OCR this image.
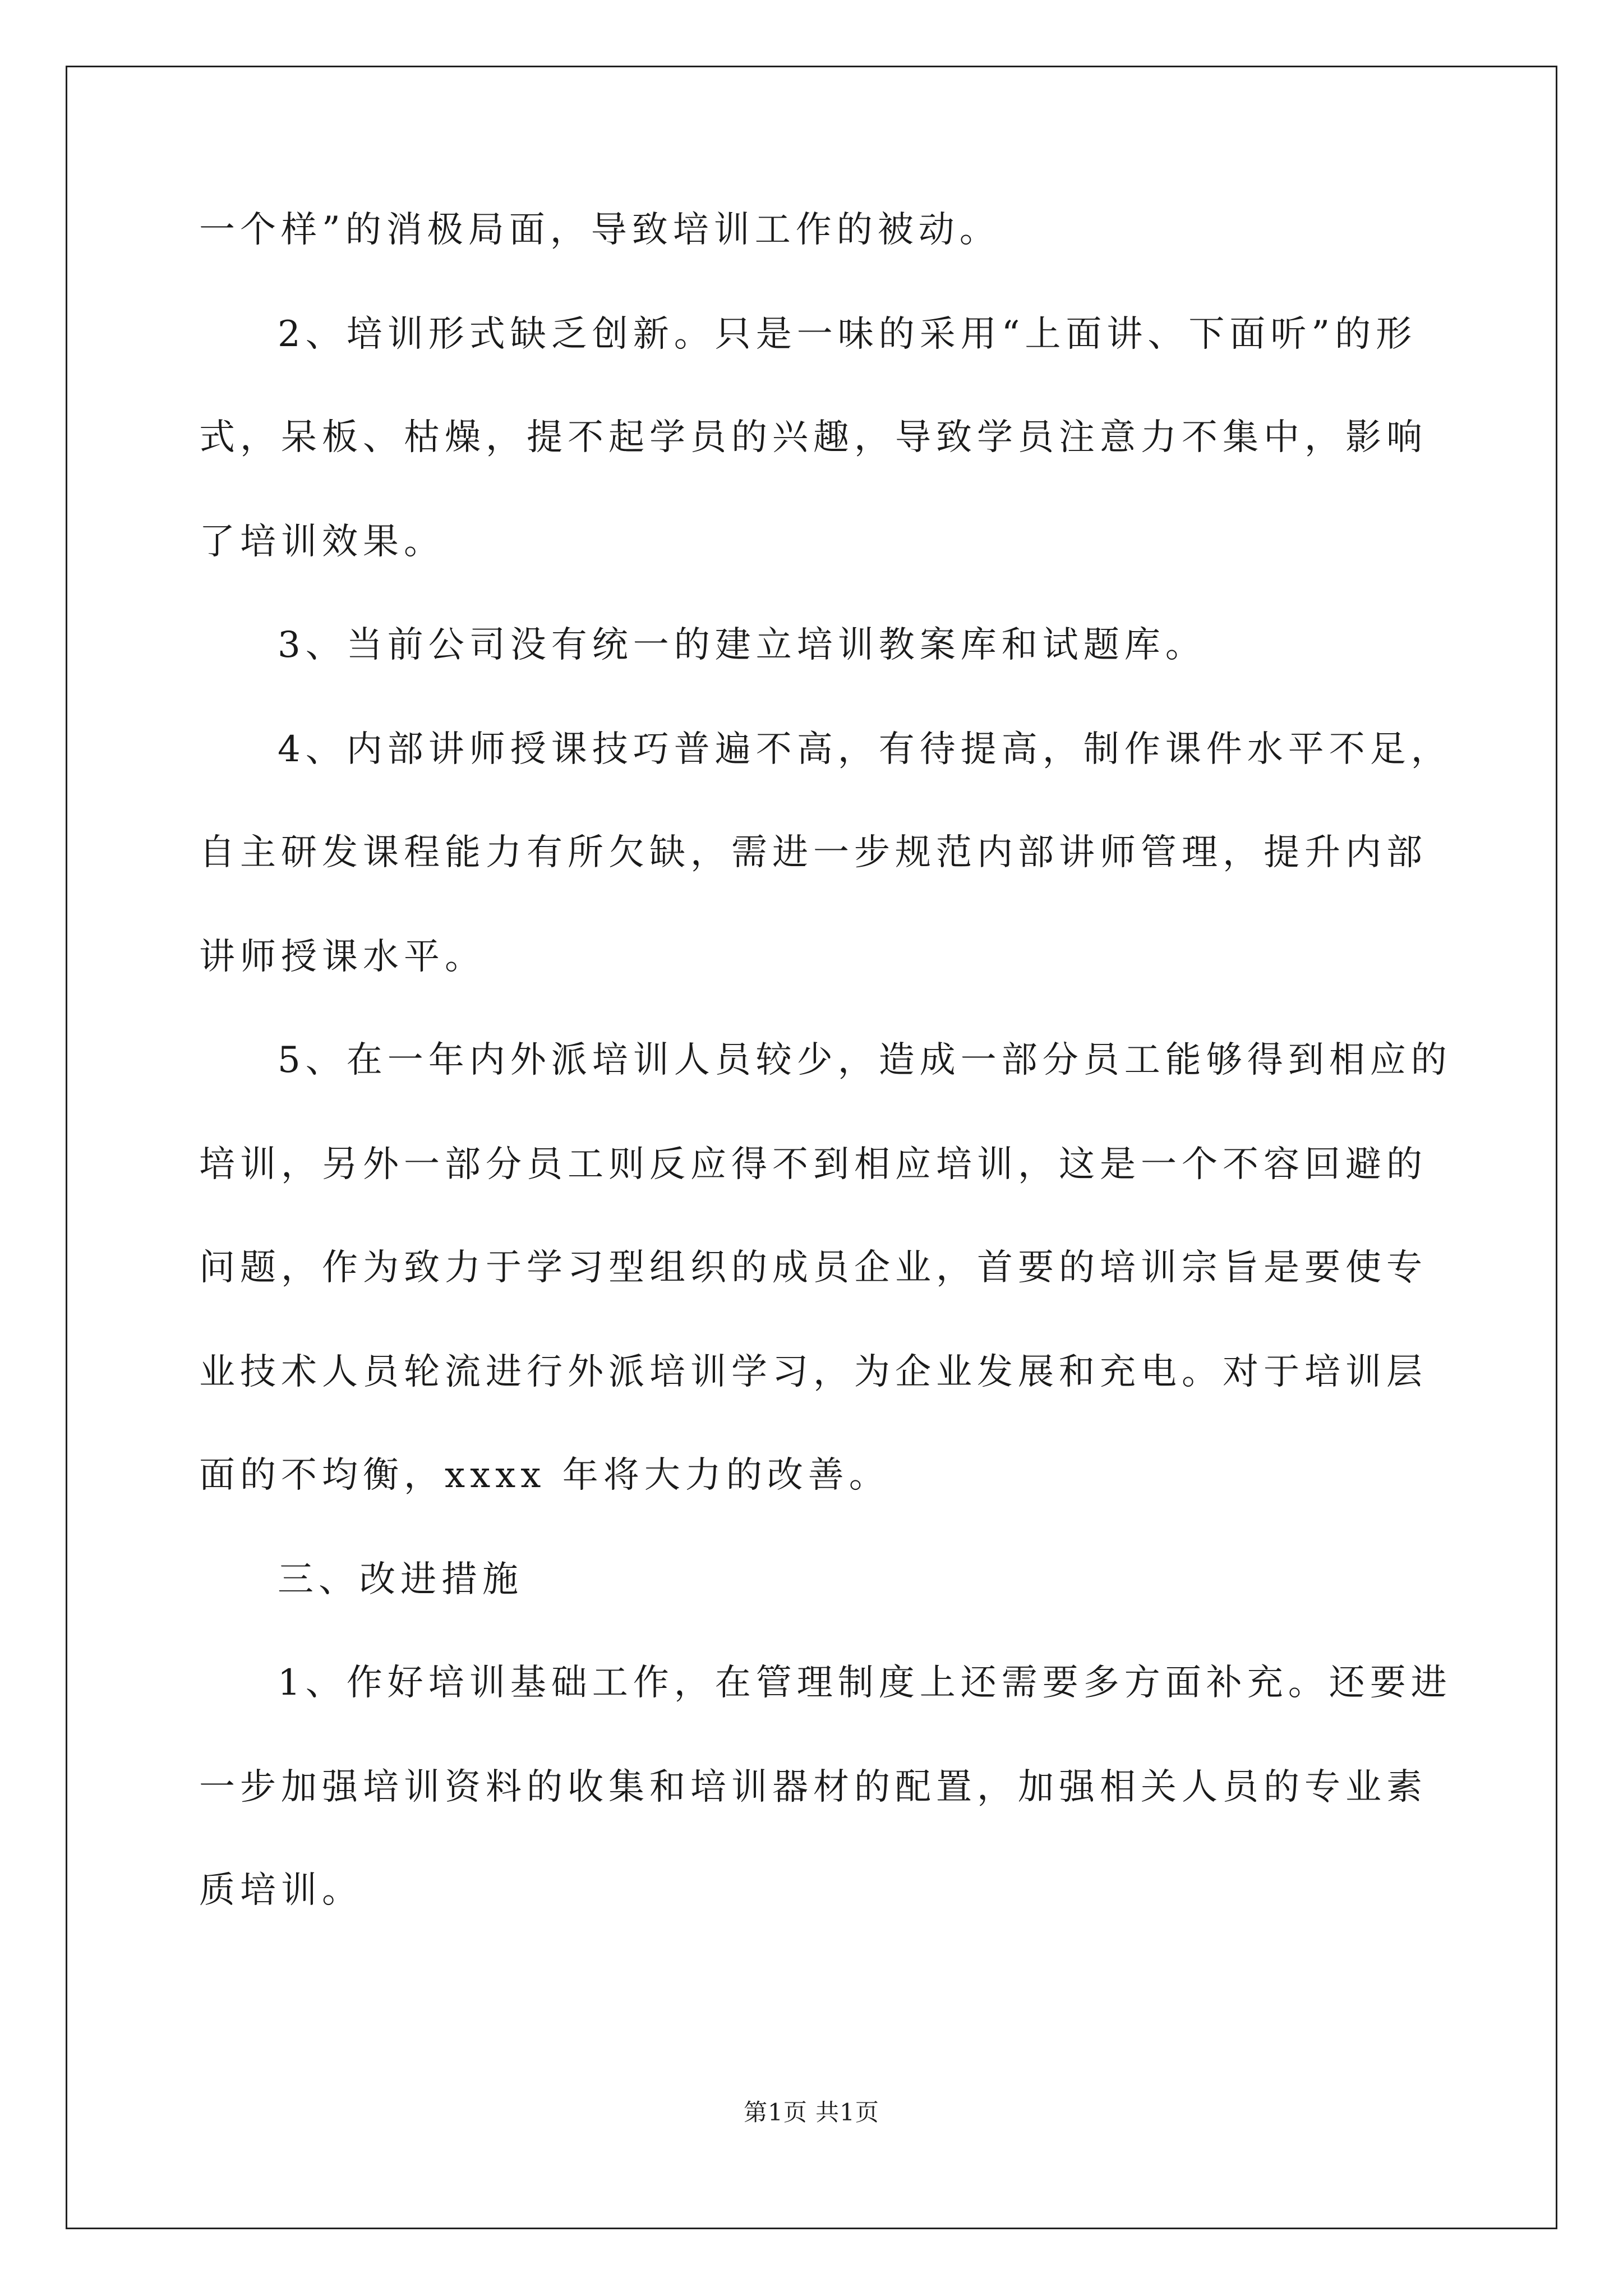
一个样”的消极局面，导致培训工作的被动。
2、培训形式缺乏创新。只是一味的采用“上面讲、下面听”的形
式，呆板、枯燥，提不起学员的兴趣，导致学员注意力不集中，影响
了培训效果。
3、当前公司没有统一的建立培训教案库和试题库。
4、内部讲师授课技巧普遍不高，有待提高，制作课件水平不足，
自主研发课程能力有所欠缺，需进一步规范内部讲师管理，提升内部
讲师授课水平。
5、在一年内外派培训人员较少，造成一部分员工能够得到相应的
培训，另外一部分员工则反应得不到相应培训，这是一个不容回避的
问题，作为致力于学习型组织的成员企业，首要的培训宗旨是要使专
业技术人员轮流进行外派培训学习，为企业发展和充电。对于培训层
面的不均衡，xxxx 年将大力的改善。
三、改进措施
1、作好培训基础工作，在管理制度上还需要多方面补充。还要进
一步加强培训资料的收集和培训器材的配置，加强相关人员的专业素
质培训。
第1页 共1页
